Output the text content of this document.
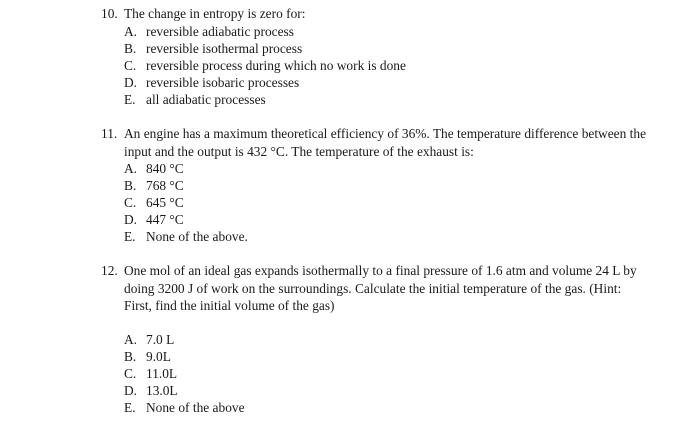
10. The change in entropy is zero for:
A. reversible adiabatic process
B. reversible isothermal process
C. reversible process during which no work is done
D. reversible isobaric processes
E. all adiabatic processes
11. An engine has a maximum theoretical efficiency of 36%. The temperature difference between the
input and the output is 432 °C. The temperature of the exhaust is:
A. 840 °C
B. 768 °C
C. 645 °C
D. 447 °C
E. None of the above.
12. One mol of an ideal gas expands isothermally to a final pressure of 1.6 atm and volume 24 L by
doing 3200 J of work on the surroundings. Calculate the initial temperature of the gas. (Hint:
First, find the initial volume of the gas)
A. 7.0 L
B. 9.0L
C. 11.0L
D. 13.0L
E. None of the above
